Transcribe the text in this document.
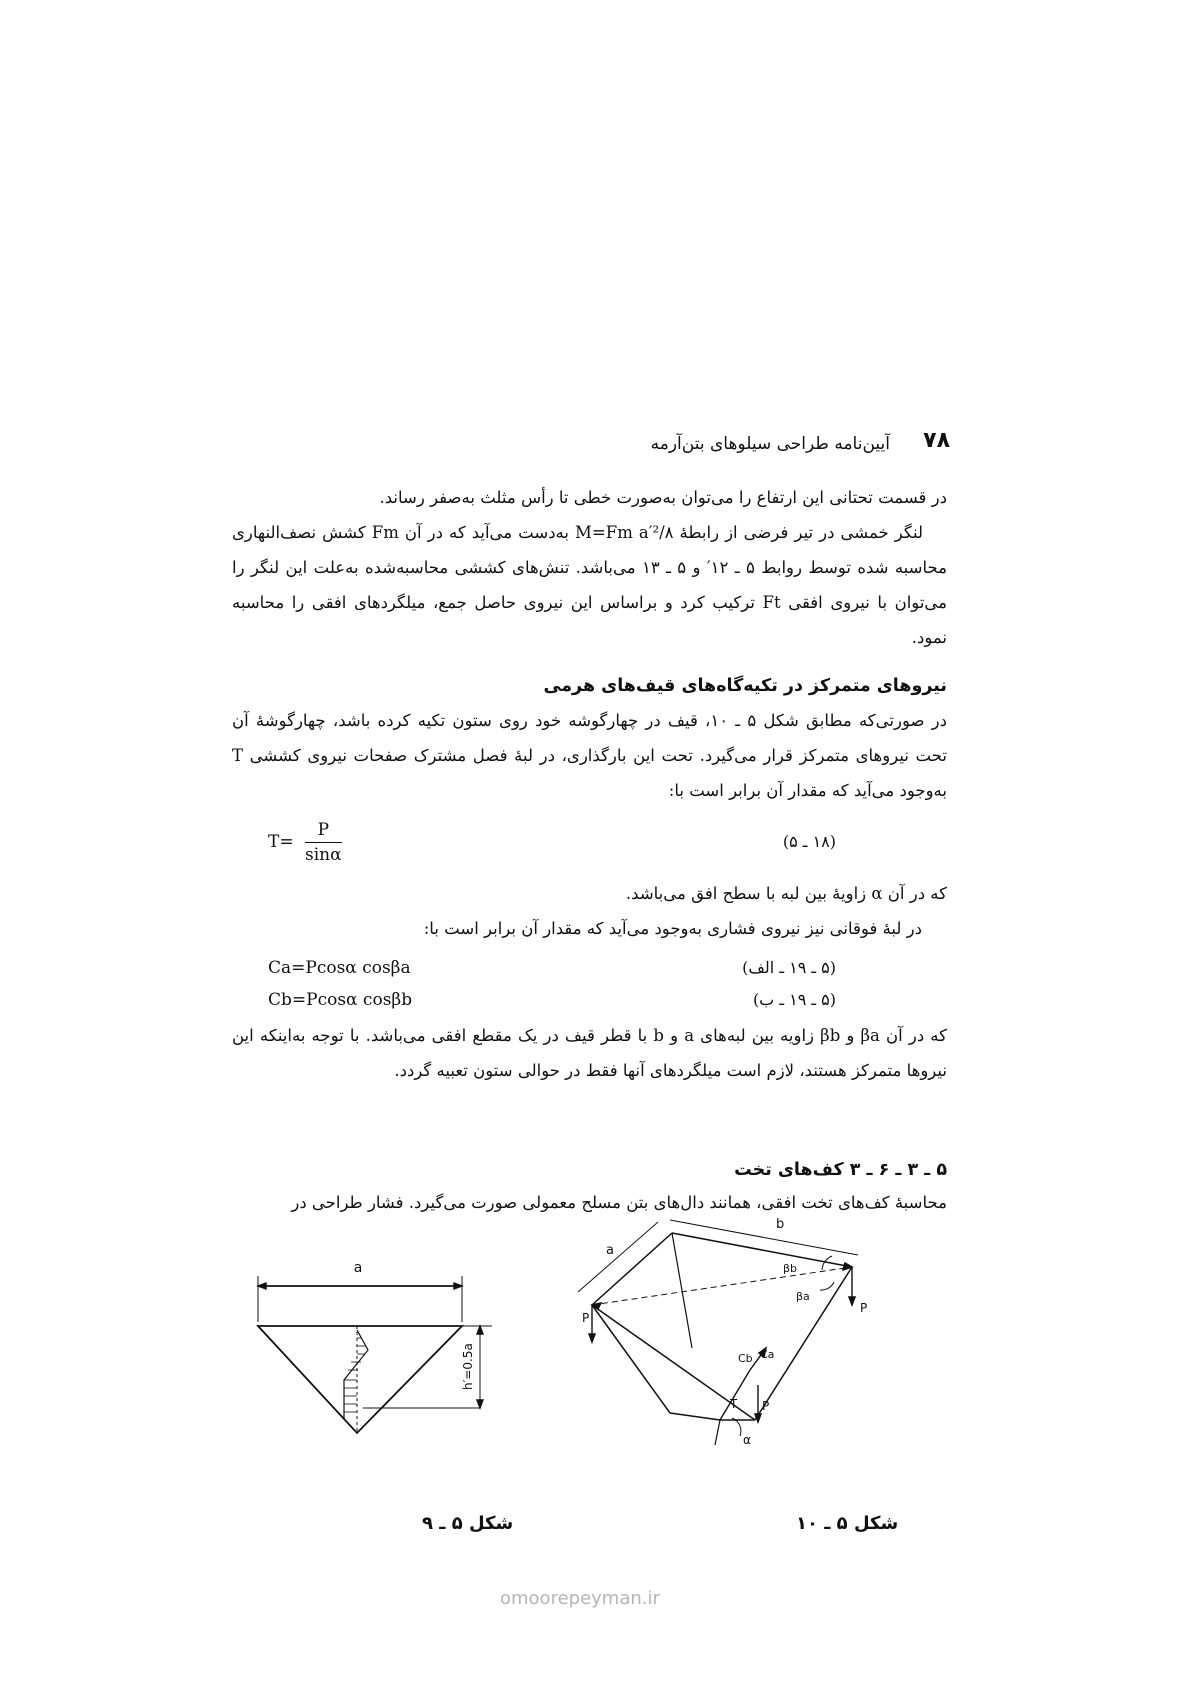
۷۸
آیین‌نامه طراحی سیلوهای بتن‌آرمه

در قسمت تحتانی این ارتفاع را می‌توان به‌صورت خطی تا رأس مثلث به‌صفر رساند.

لنگر خمشی در تیر فرضی از رابطهٔ M=Fm a′²/۸ به‌دست می‌آید که در آن Fm کشش نصف‌النهاری محاسبه شده توسط روابط ۵ ـ ۱۲′ و ۵ ـ ۱۳ می‌باشد. تنش‌های کششی محاسبه‌شده به‌علت این لنگر را می‌توان با نیروی افقی Ft ترکیب کرد و براساس این نیروی حاصل جمع، میلگردهای افقی را محاسبه نمود.

نیروهای متمرکز در تکیه‌گاه‌های قیف‌های هرمی

در صورتی‌که مطابق شکل ۵ ـ ۱۰، قیف در چهارگوشه خود روی ستون تکیه کرده باشد، چهارگوشهٔ آن تحت نیروهای متمرکز قرار می‌گیرد. تحت این بارگذاری، در لبهٔ فصل مشترک صفحات نیروی کششی T به‌وجود می‌آید که مقدار آن برابر است با:

$T= \frac{P}{\sin\alpha}$	(۱۸ ـ ۵)

که در آن α زاویهٔ بین لبه با سطح افق می‌باشد.

در لبهٔ فوقانی نیز نیروی فشاری به‌وجود می‌آید که مقدار آن برابر است با:

Ca=Pcosα cosβa	(۵ ـ ۱۹ ـ الف)
Cb=Pcosα cosβb	(۵ ـ ۱۹ ـ ب)

که در آن βa و βb زاویه بین لبه‌های a و b با قطر قیف در یک مقطع افقی می‌باشد. با توجه به‌اینکه این نیروها متمرکز هستند، لازم است میلگردهای آنها فقط در حوالی ستون تعبیه گردد.

۵ ـ ۳ ـ ۶ ـ ۳ کف‌های تخت

محاسبهٔ کف‌های تخت افقی، همانند دال‌های بتن مسلح معمولی صورت می‌گیرد. فشار طراحی در

a
h′=0.5a
a
b
P
P
P
T
Ca
Cb
βb
βa
α
شکل ۵ ـ ۹	شکل ۵ ـ ۱۰
omoorepeyman.ir
